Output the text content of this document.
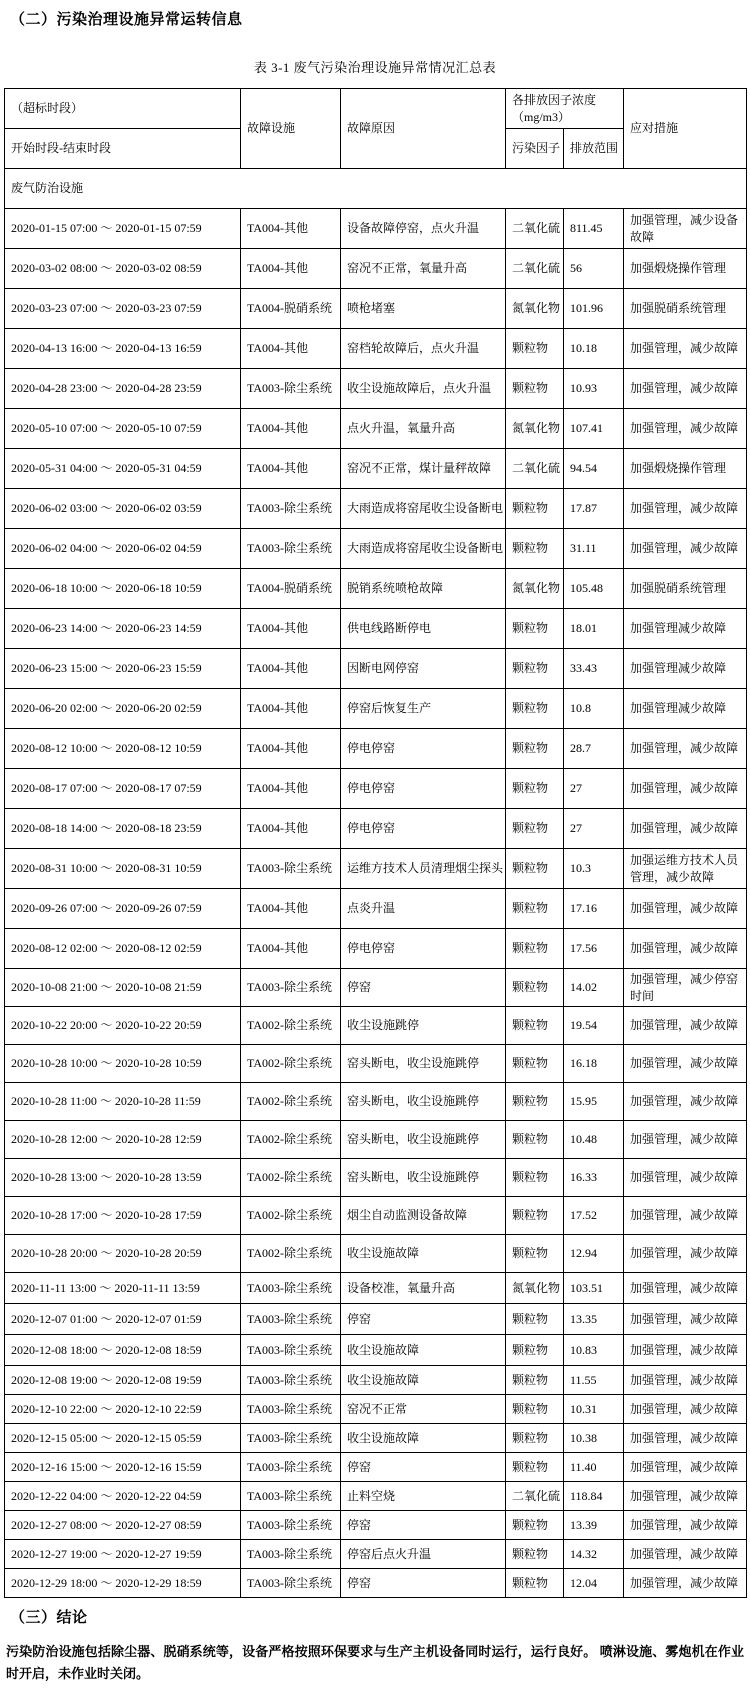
（二）污染治理设施异常运转信息
表 3-1 废气污染治理设施异常情况汇总表
（超标时段）	故障设施	故障原因	各排放因子浓度
（mg/m3）		应对措施
开始时段-结束时段			污染因子	排放范围	
废气防治设施					
2020-01-15 07:00 ～ 2020-01-15 07:59	TA004-其他	设备故障停窑，点火升温	二氧化硫	811.45	加强管理，减少设备故障
2020-03-02 08:00 ～ 2020-03-02 08:59	TA004-其他	窑况不正常，氧量升高	二氧化硫	56	加强煅烧操作管理
2020-03-23 07:00 ～ 2020-03-23 07:59	TA004-脱硝系统	喷枪堵塞	氮氧化物	101.96	加强脱硝系统管理
2020-04-13 16:00 ～ 2020-04-13 16:59	TA004-其他	窑档轮故障后，点火升温	颗粒物	10.18	加强管理，减少故障
2020-04-28 23:00 ～ 2020-04-28 23:59	TA003-除尘系统	收尘设施故障后，点火升温	颗粒物	10.93	加强管理，减少故障
2020-05-10 07:00 ～ 2020-05-10 07:59	TA004-其他	点火升温，氧量升高	氮氧化物	107.41	加强管理，减少故障
2020-05-31 04:00 ～ 2020-05-31 04:59	TA004-其他	窑况不正常，煤计量秤故障	二氧化硫	94.54	加强煅烧操作管理
2020-06-02 03:00 ～ 2020-06-02 03:59	TA003-除尘系统	大雨造成将窑尾收尘设备断电	颗粒物	17.87	加强管理，减少故障
2020-06-02 04:00 ～ 2020-06-02 04:59	TA003-除尘系统	大雨造成将窑尾收尘设备断电	颗粒物	31.11	加强管理，减少故障
2020-06-18 10:00 ～ 2020-06-18 10:59	TA004-脱硝系统	脱销系统喷枪故障	氮氧化物	105.48	加强脱硝系统管理
2020-06-23 14:00 ～ 2020-06-23 14:59	TA004-其他	供电线路断停电	颗粒物	18.01	加强管理减少故障
2020-06-23 15:00 ～ 2020-06-23 15:59	TA004-其他	因断电网停窑	颗粒物	33.43	加强管理减少故障
2020-06-20 02:00 ～ 2020-06-20 02:59	TA004-其他	停窑后恢复生产	颗粒物	10.8	加强管理减少故障
2020-08-12 10:00 ～ 2020-08-12 10:59	TA004-其他	停电停窑	颗粒物	28.7	加强管理，减少故障
2020-08-17 07:00 ～ 2020-08-17 07:59	TA004-其他	停电停窑	颗粒物	27	加强管理，减少故障
2020-08-18 14:00 ～ 2020-08-18 23:59	TA004-其他	停电停窑	颗粒物	27	加强管理，减少故障
2020-08-31 10:00 ～ 2020-08-31 10:59	TA003-除尘系统	运维方技术人员清理烟尘探头	颗粒物	10.3	加强运维方技术人员管理，减少故障
2020-09-26 07:00 ～ 2020-09-26 07:59	TA004-其他	点炎升温	颗粒物	17.16	加强管理，减少故障
2020-08-12 02:00 ～ 2020-08-12 02:59	TA004-其他	停电停窑	颗粒物	17.56	加强管理，减少故障
2020-10-08 21:00 ～ 2020-10-08 21:59	TA003-除尘系统	停窑	颗粒物	14.02	加强管理，减少停窑时间
2020-10-22 20:00 ～ 2020-10-22 20:59	TA002-除尘系统	收尘设施跳停	颗粒物	19.54	加强管理，减少故障
2020-10-28 10:00 ～ 2020-10-28 10:59	TA002-除尘系统	窑头断电，收尘设施跳停	颗粒物	16.18	加强管理，减少故障
2020-10-28 11:00 ～ 2020-10-28 11:59	TA002-除尘系统	窑头断电，收尘设施跳停	颗粒物	15.95	加强管理，减少故障
2020-10-28 12:00 ～ 2020-10-28 12:59	TA002-除尘系统	窑头断电，收尘设施跳停	颗粒物	10.48	加强管理，减少故障
2020-10-28 13:00 ～ 2020-10-28 13:59	TA002-除尘系统	窑头断电，收尘设施跳停	颗粒物	16.33	加强管理，减少故障
2020-10-28 17:00 ～ 2020-10-28 17:59	TA002-除尘系统	烟尘自动监测设备故障	颗粒物	17.52	加强管理，减少故障
2020-10-28 20:00 ～ 2020-10-28 20:59	TA002-除尘系统	收尘设施故障	颗粒物	12.94	加强管理，减少故障
2020-11-11 13:00 ～ 2020-11-11 13:59	TA003-除尘系统	设备校准，氧量升高	氮氧化物	103.51	加强管理，减少故障
2020-12-07 01:00 ～ 2020-12-07 01:59	TA003-除尘系统	停窑	颗粒物	13.35	加强管理，减少故障
2020-12-08 18:00 ～ 2020-12-08 18:59	TA003-除尘系统	收尘设施故障	颗粒物	10.83	加强管理，减少故障
2020-12-08 19:00 ～ 2020-12-08 19:59	TA003-除尘系统	收尘设施故障	颗粒物	11.55	加强管理，减少故障
2020-12-10 22:00 ～ 2020-12-10 22:59	TA003-除尘系统	窑况不正常	颗粒物	10.31	加强管理，减少故障
2020-12-15 05:00 ～ 2020-12-15 05:59	TA003-除尘系统	收尘设施故障	颗粒物	10.38	加强管理，减少故障
2020-12-16 15:00 ～ 2020-12-16 15:59	TA003-除尘系统	停窑	颗粒物	11.40	加强管理，减少故障
2020-12-22 04:00 ～ 2020-12-22 04:59	TA003-除尘系统	止料空烧	二氧化硫	118.84	加强管理，减少故障
2020-12-27 08:00 ～ 2020-12-27 08:59	TA003-除尘系统	停窑	颗粒物	13.39	加强管理，减少故障
2020-12-27 19:00 ～ 2020-12-27 19:59	TA003-除尘系统	停窑后点火升温	颗粒物	14.32	加强管理，减少故障
2020-12-29 18:00 ～ 2020-12-29 18:59	TA003-除尘系统	停窑	颗粒物	12.04	加强管理，减少故障
（三）结论
污染防治设施包括除尘器、脱硝系统等，设备严格按照环保要求与生产主机设备同时运行，运行良好。 喷淋设施、雾炮机在作业时开启，未作业时关闭。
